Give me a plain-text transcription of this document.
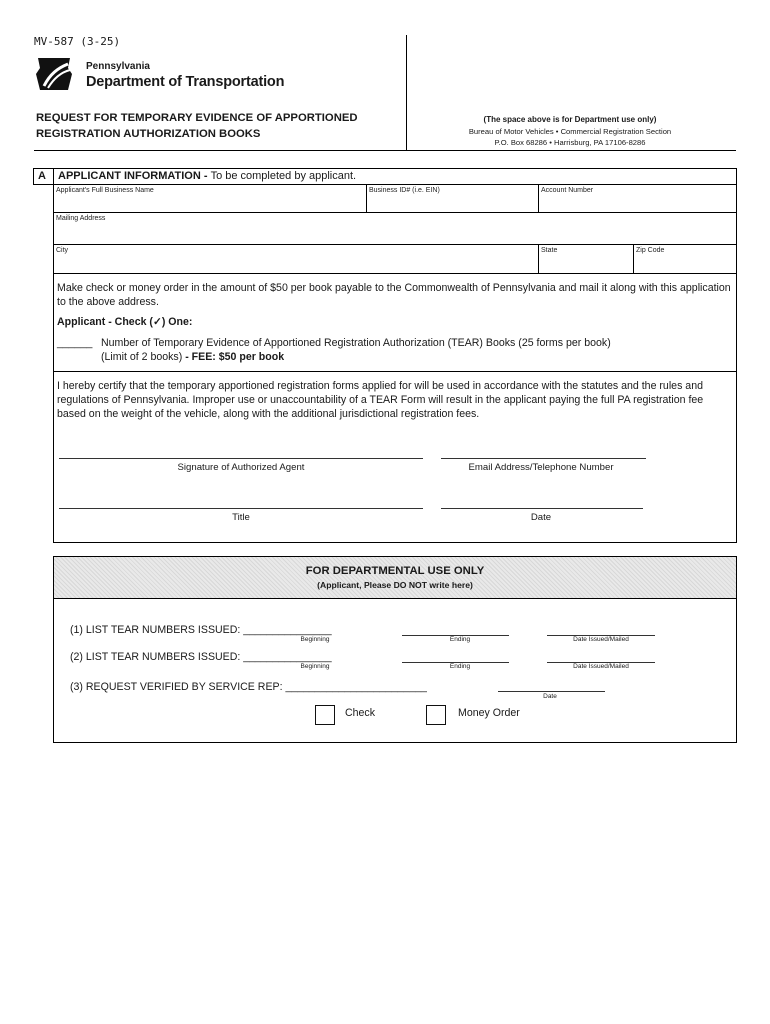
MV-587 (3-25)
Pennsylvania
Department of Transportation
REQUEST FOR TEMPORARY EVIDENCE OF APPORTIONED
REGISTRATION AUTHORIZATION BOOKS
(The space above is for Department use only)
Bureau of Motor Vehicles • Commercial Registration Section
P.O. Box 68286 • Harrisburg, PA 17106-8286
A APPLICANT INFORMATION - To be completed by applicant.
Applicant's Full Business Name	Business ID# (i.e. EIN)	Account Number
Mailing Address
City	State	Zip Code
Make check or money order in the amount of $50 per book payable to the Commonwealth of Pennsylvania and mail it along with this application to the above address.
Applicant - Check (✓) One:
______ Number of Temporary Evidence of Apportioned Registration Authorization (TEAR) Books (25 forms per book)
(Limit of 2 books) - FEE: $50 per book
I hereby certify that the temporary apportioned registration forms applied for will be used in accordance with the statutes and the rules and regulations of Pennsylvania. Improper use or unaccountability of a TEAR Form will result in the applicant paying the full PA registration fee based on the weight of the vehicle, along with the additional jurisdictional registration fees.
Signature of Authorized Agent	Email Address/Telephone Number
Title	Date
FOR DEPARTMENTAL USE ONLY
(Applicant, Please DO NOT write here)
(1) LIST TEAR NUMBERS ISSUED: _______________
Beginning	Ending	Date Issued/Mailed
(2) LIST TEAR NUMBERS ISSUED: _______________
Beginning	Ending	Date Issued/Mailed
(3) REQUEST VERIFIED BY SERVICE REP: ________________________
Date
Check	Money Order
